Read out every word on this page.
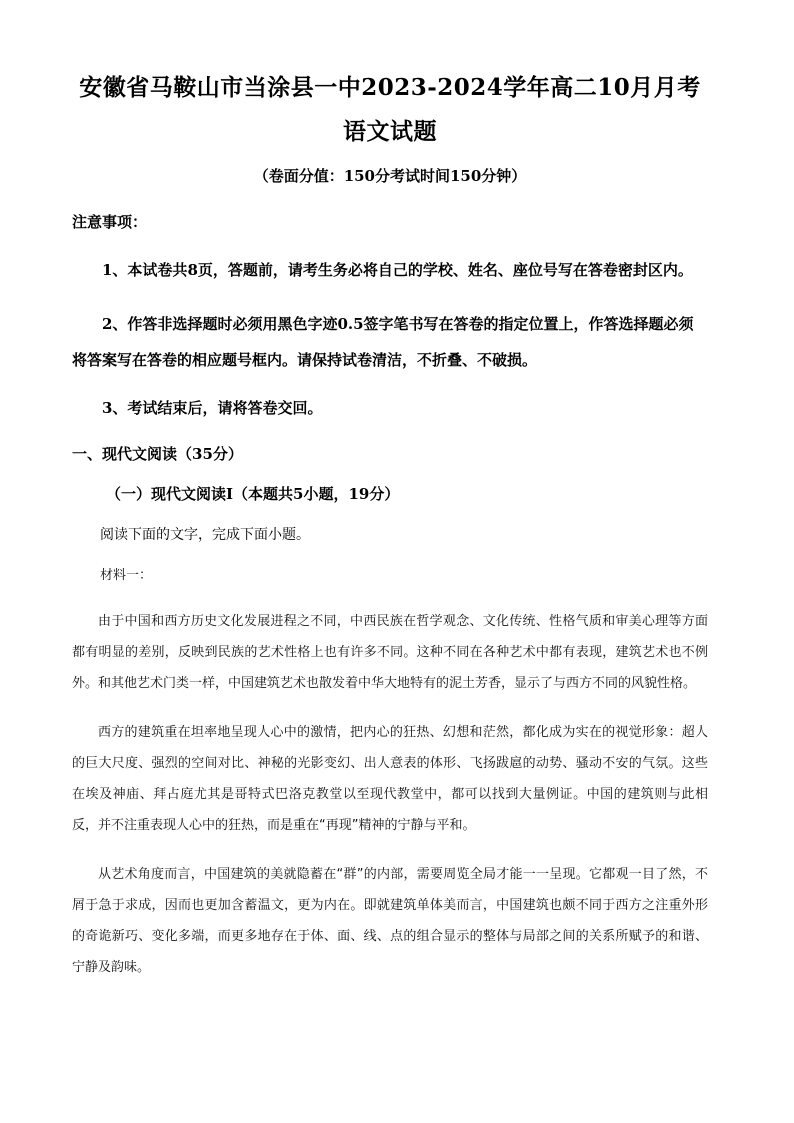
安徽省马鞍山市当涂县一中2023-2024学年高二10月月考语文试题

（卷面分值：150分考试时间150分钟）

注意事项：

1、本试卷共8页，答题前，请考生务必将自己的学校、姓名、座位号写在答卷密封区内。

2、作答非选择题时必须用黑色字迹0.5签字笔书写在答卷的指定位置上，作答选择题必须将答案写在答卷的相应题号框内。请保持试卷清洁，不折叠、不破损。

3、考试结束后，请将答卷交回。

一、现代文阅读（35分）

（一）现代文阅读Ⅰ（本题共5小题，19分）

阅读下面的文字，完成下面小题。

材料一：

由于中国和西方历史文化发展进程之不同，中西民族在哲学观念、文化传统、性格气质和审美心理等方面都有明显的差别，反映到民族的艺术性格上也有许多不同。这种不同在各种艺术中都有表现，建筑艺术也不例外。和其他艺术门类一样，中国建筑艺术也散发着中华大地特有的泥土芳香，显示了与西方不同的风貌性格。

西方的建筑重在坦率地呈现人心中的激情，把内心的狂热、幻想和茫然，都化成为实在的视觉形象：超人的巨大尺度、强烈的空间对比、神秘的光影变幻、出人意表的体形、飞扬跋扈的动势、骚动不安的气氛。这些在埃及神庙、拜占庭尤其是哥特式巴洛克教堂以至现代教堂中，都可以找到大量例证。中国的建筑则与此相反，并不注重表现人心中的狂热，而是重在“再现”精神的宁静与平和。

从艺术角度而言，中国建筑的美就隐蓄在“群”的内部，需要周览全局才能一一呈现。它都观一目了然，不屑于急于求成，因而也更加含蓄温文，更为内在。即就建筑单体美而言，中国建筑也颇不同于西方之注重外形的奇诡新巧、变化多端，而更多地存在于体、面、线、点的组合显示的整体与局部之间的关系所赋予的和谐、宁静及韵味。
